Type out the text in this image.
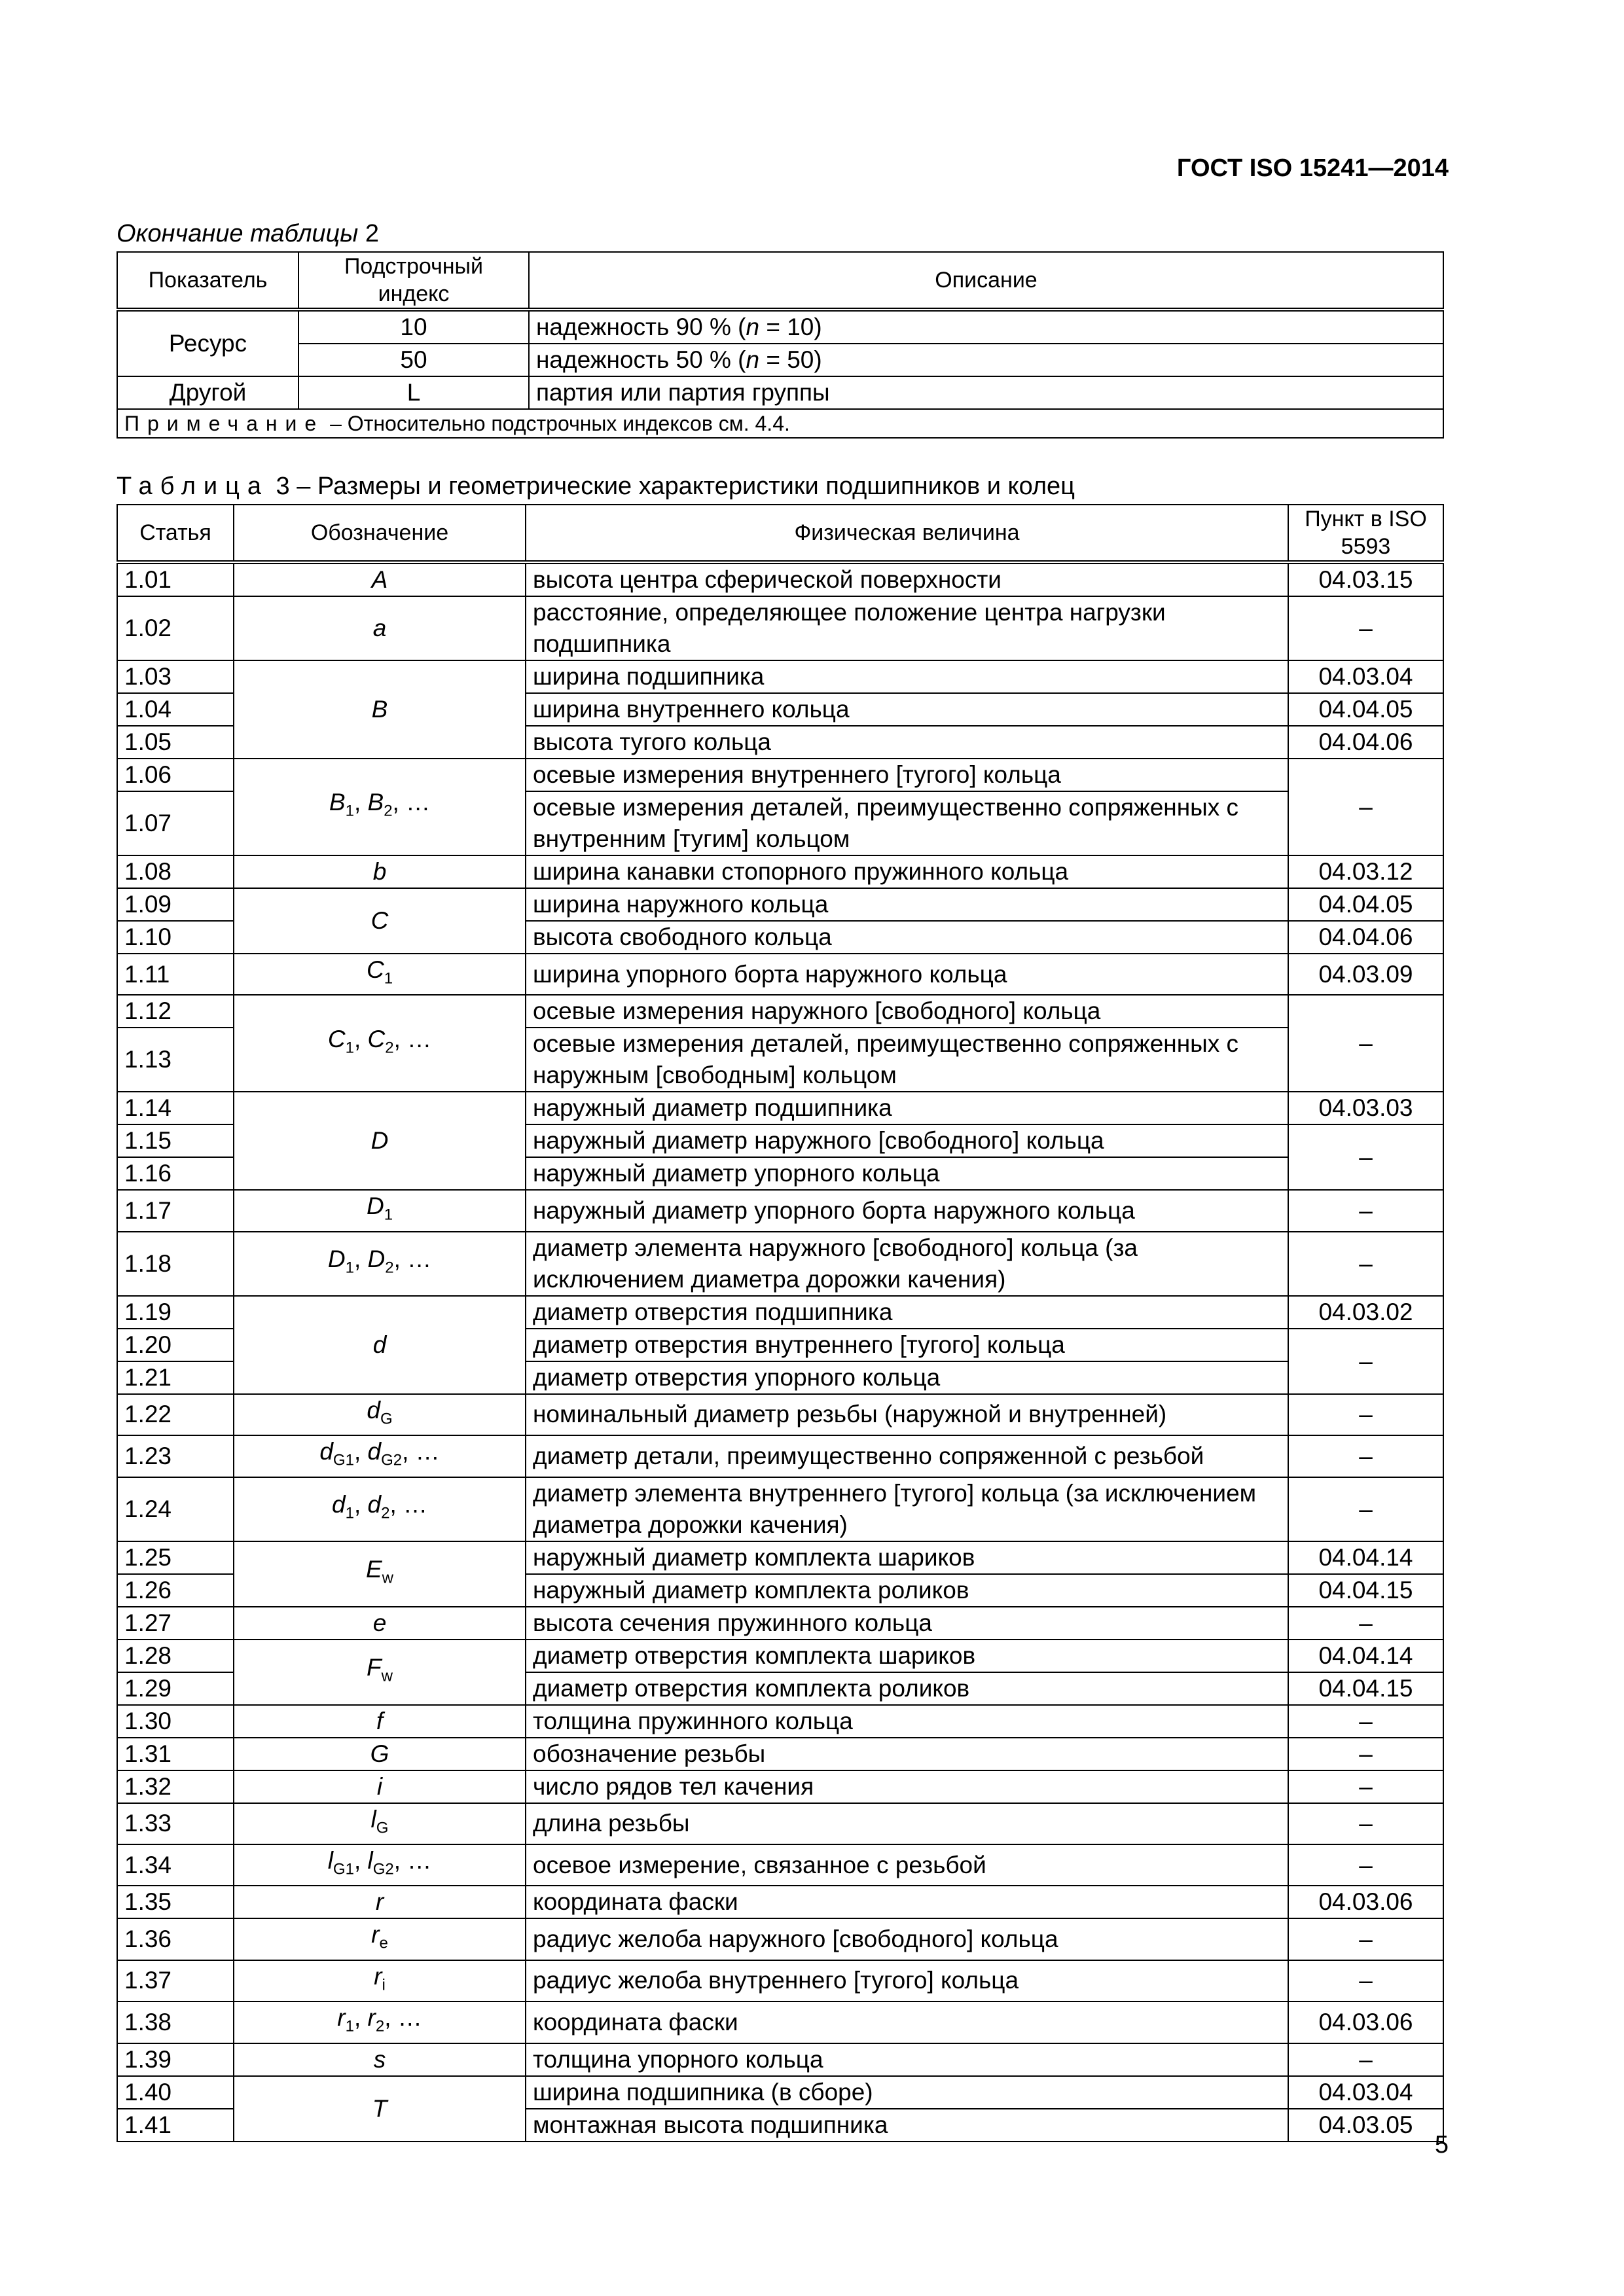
ГОСТ ISO 15241—2014
Окончание таблицы 2
Показатель	Подстрочный индекс	Описание
Ресурс	10	надежность 90 % (n = 10)
	50	надежность 50 % (n = 50)
Другой	L	партия или партия группы
Примечание – Относительно подстрочных индексов см. 4.4.		
Таблица 3 – Размеры и геометрические характеристики подшипников и колец
Статья	Обозначение	Физическая величина	Пункт в ISO 5593
1.01	A	высота центра сферической поверхности	04.03.15
1.02	a	расстояние, определяющее положение центра нагрузки подшипника	–
1.03	B	ширина подшипника	04.03.04
1.04		ширина внутреннего кольца	04.04.05
1.05		высота тугого кольца	04.04.06
1.06	$B_1$, $B_2$, …	осевые измерения внутреннего [тугого] кольца	–
1.07		осевые измерения деталей, преимущественно сопряженных с внутренним [тугим] кольцом	
1.08	b	ширина канавки стопорного пружинного кольца	04.03.12
1.09	C	ширина наружного кольца	04.04.05
1.10		высота свободного кольца	04.04.06
1.11	$C_1$	ширина упорного борта наружного кольца	04.03.09
1.12	$C_1$, $C_2$, …	осевые измерения наружного [свободного] кольца	–
1.13		осевые измерения деталей, преимущественно сопряженных с наружным [свободным] кольцом	
1.14	D	наружный диаметр подшипника	04.03.03
1.15		наружный диаметр наружного [свободного] кольца	–
1.16		наружный диаметр упорного кольца	
1.17	$D_1$	наружный диаметр упорного борта наружного кольца	–
1.18	$D_1$, $D_2$, …	диаметр элемента наружного [свободного] кольца (за исключением диаметра дорожки качения)	–
1.19	d	диаметр отверстия подшипника	04.03.02
1.20		диаметр отверстия внутреннего [тугого] кольца	–
1.21		диаметр отверстия упорного кольца	
1.22	$d_G$	номинальный диаметр резьбы (наружной и внутренней)	–
1.23	$d_{G1}$, $d_{G2}$, …	диаметр детали, преимущественно сопряженной с резьбой	–
1.24	$d_1$, $d_2$, …	диаметр элемента внутреннего [тугого] кольца (за исключением диаметра дорожки качения)	–
1.25	$E_w$	наружный диаметр комплекта шариков	04.04.14
1.26		наружный диаметр комплекта роликов	04.04.15
1.27	e	высота сечения пружинного кольца	–
1.28	$F_w$	диаметр отверстия комплекта шариков	04.04.14
1.29		диаметр отверстия комплекта роликов	04.04.15
1.30	f	толщина пружинного кольца	–
1.31	G	обозначение резьбы	–
1.32	i	число рядов тел качения	–
1.33	$l_G$	длина резьбы	–
1.34	$l_{G1}$, $l_{G2}$, …	осевое измерение, связанное с резьбой	–
1.35	r	координата фаски	04.03.06
1.36	$r_e$	радиус желоба наружного [свободного] кольца	–
1.37	$r_i$	радиус желоба внутреннего [тугого] кольца	–
1.38	$r_1$, $r_2$, …	координата фаски	04.03.06
1.39	s	толщина упорного кольца	–
1.40	T	ширина подшипника (в сборе)	04.03.04
1.41		монтажная высота подшипника	04.03.05
5
